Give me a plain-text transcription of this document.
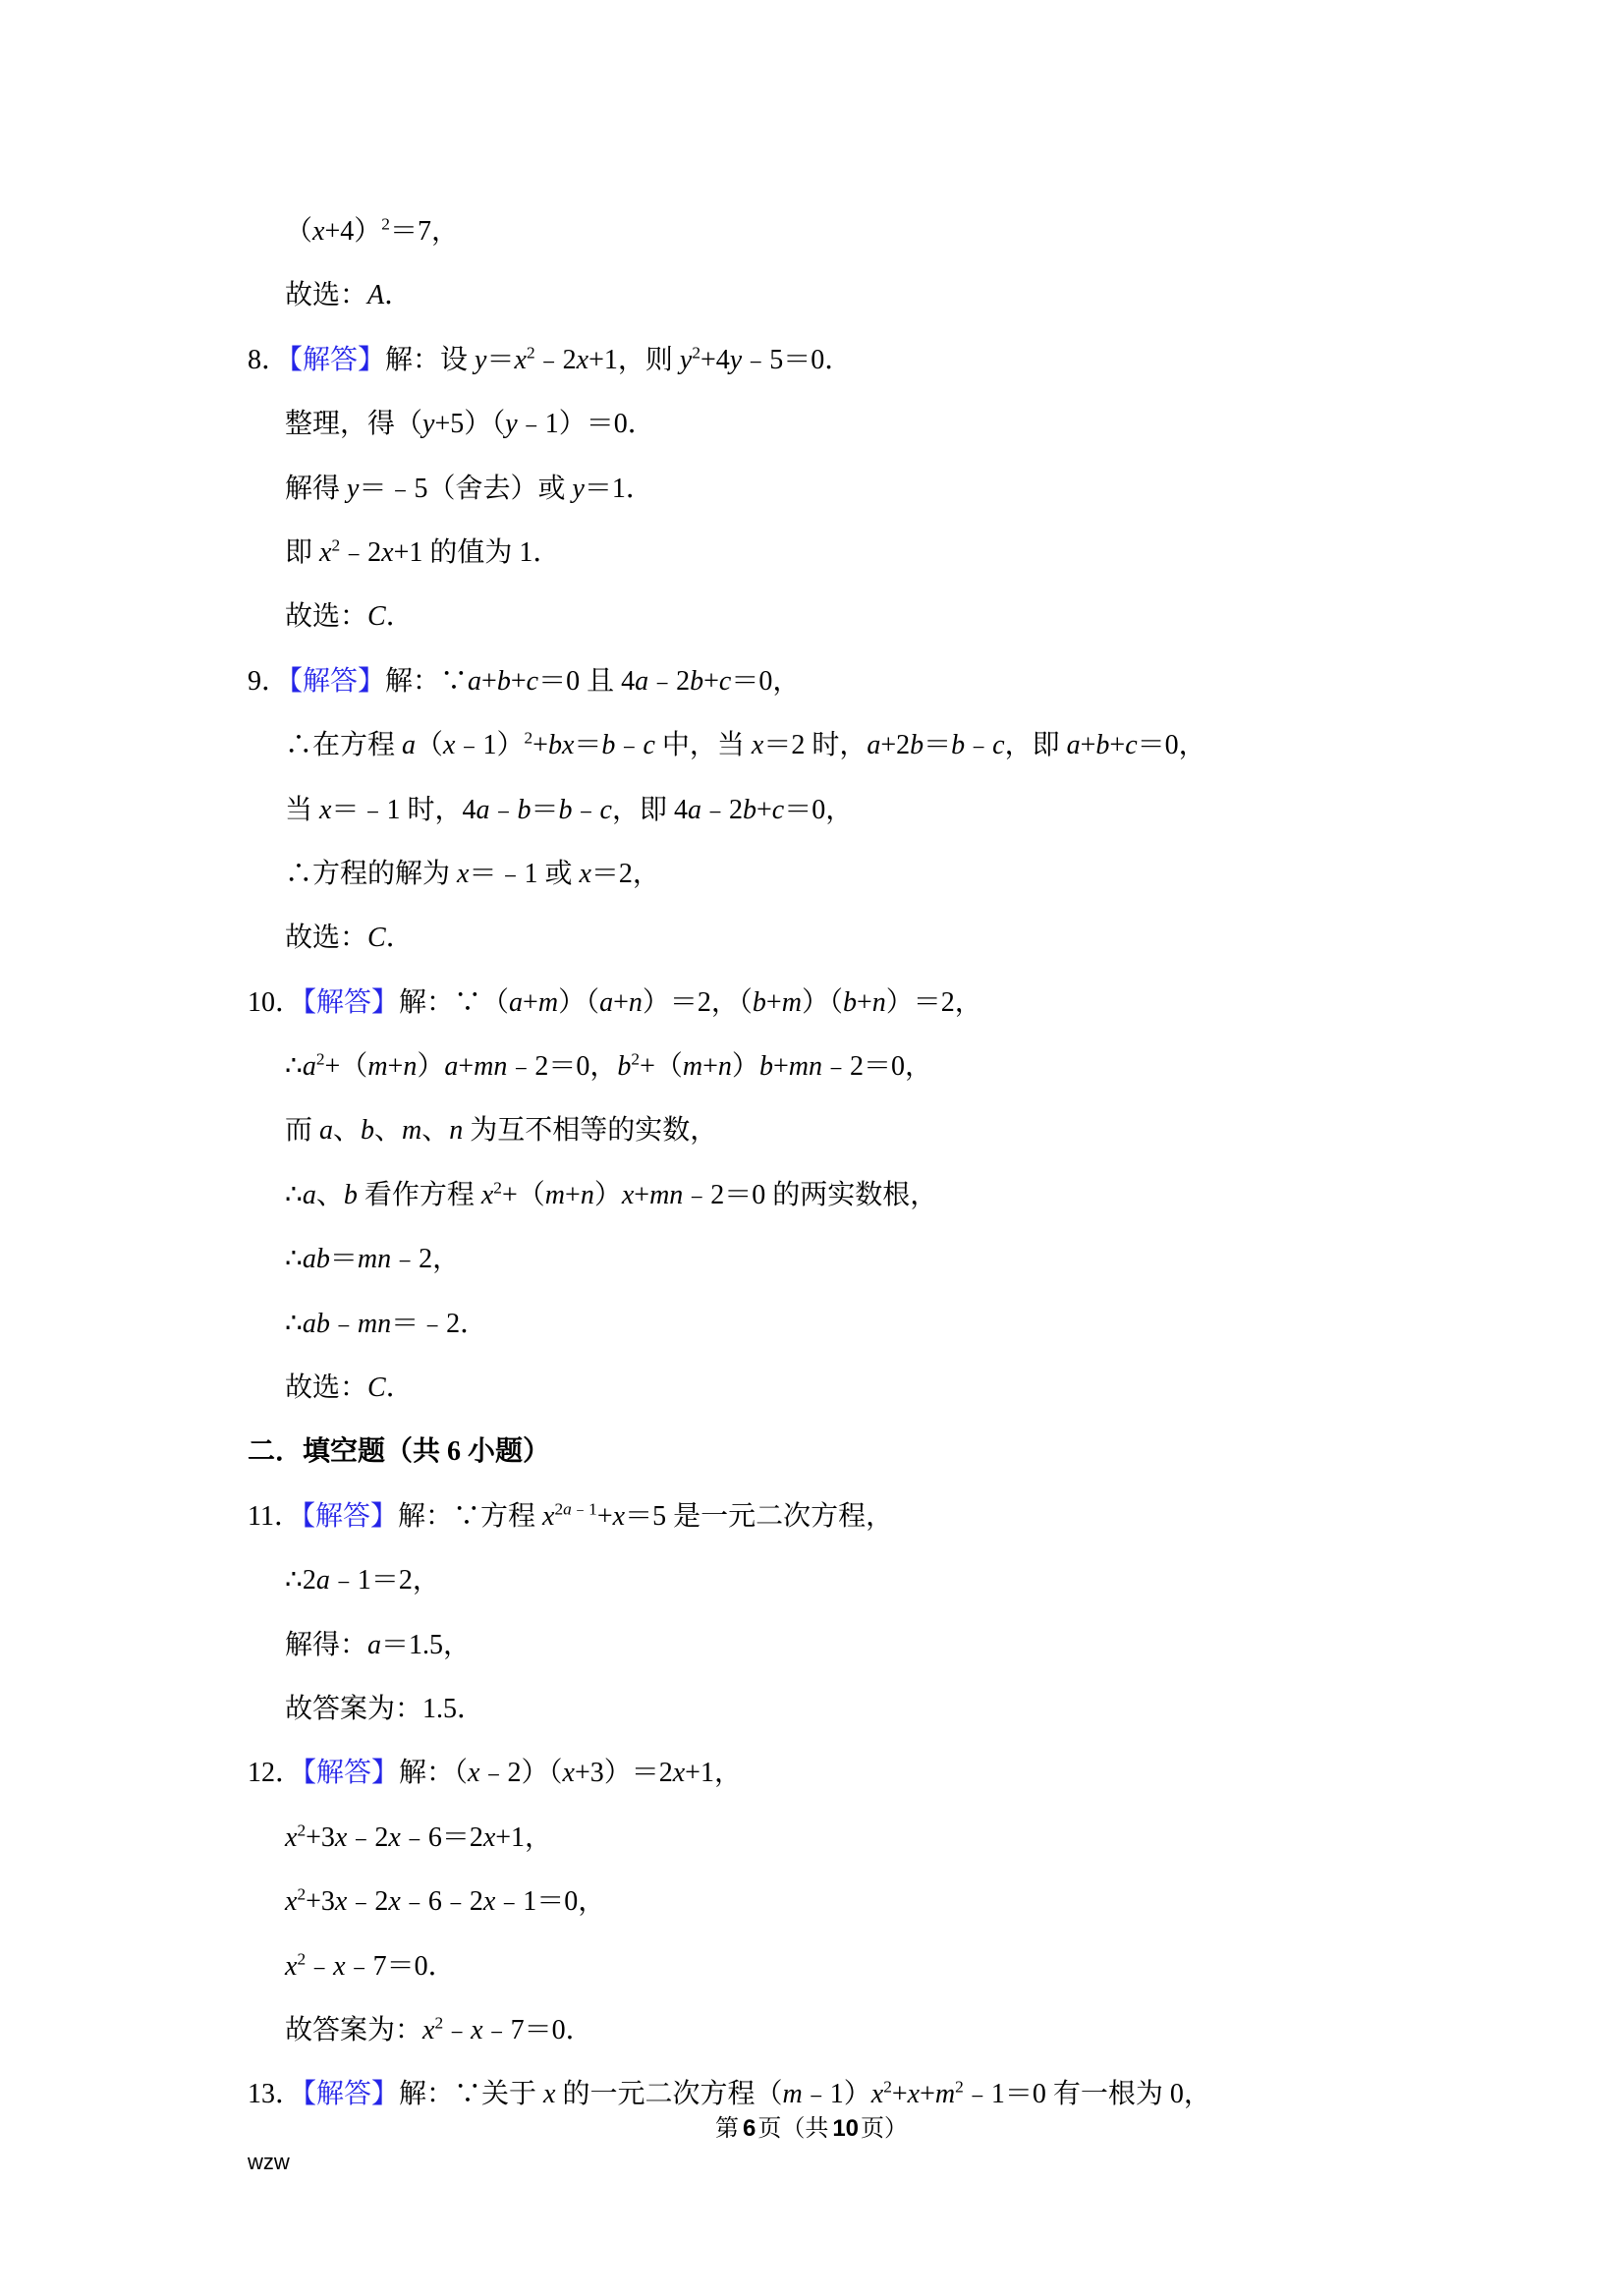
$(x+4)^2=7$，
故选：A．
8．【解答】解：设 $y=x^2﹣2x+1$，则 $y^2+4y﹣5=0$．
整理，得（y+5）（y﹣1）＝0．
解得 y＝﹣5（舍去）或 y＝1．
即 $x^2﹣2x+1$ 的值为 1．
故选：C．
9．【解答】解：∵a+b+c＝0 且 4a﹣2b+c＝0，
∴在方程 a（x﹣1）$^2$+bx＝b﹣c 中，当 x＝2 时，a+2b＝b﹣c，即 a+b+c＝0，
当 x＝﹣1 时，4a﹣b＝b﹣c，即 4a﹣2b+c＝0，
∴方程的解为 x＝﹣1 或 x＝2，
故选：C．
10．【解答】解：∵（a+m）（a+n）＝2，（b+m）（b+n）＝2，
$\therefore a^2+(m+n)a+mn﹣2=0$，$b^2+(m+n)b+mn﹣2=0$，
而 a、b、m、n 为互不相等的实数，
∴a、b 看作方程 $x^2+(m+n)x+mn﹣2=0$ 的两实数根，
∴ab＝mn﹣2，
∴ab﹣mn＝﹣2．
故选：C．
二．填空题（共 6 小题）
11．【解答】解：∵方程 $x^{2a﹣1}+x=5$ 是一元二次方程，
∴2a﹣1＝2，
解得：a＝1.5，
故答案为：1.5．
12．【解答】解：（x﹣2）（x+3）＝2x+1，
$x^2+3x﹣2x﹣6=2x+1$，
$x^2+3x﹣2x﹣6﹣2x﹣1=0$，
$x^2﹣x﹣7=0$．
故答案为：$x^2﹣x﹣7=0$．
13．【解答】解：∵关于 x 的一元二次方程$(m﹣1)x^2+x+m^2﹣1=0$ 有一根为 0，
第 6页（共 10页）
wzw
